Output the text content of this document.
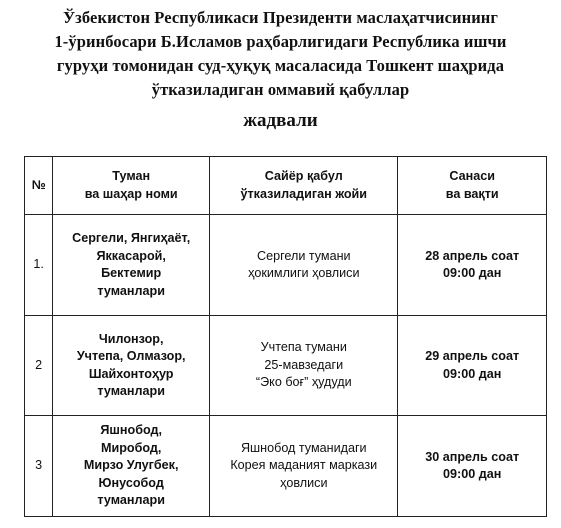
Ўзбекистон Республикаси Президенти маслаҳатчисининг
1-ўринбосари Б.Исламов раҳбарлигидаги Республика ишчи
гуруҳи томонидан суд-ҳуқуқ масаласида Тошкент шаҳрида
ўтказиладиган оммавий қабуллар
жадвали
№	Туман
ва шаҳар номи	Сайёр қабул
ўтказиладиган жойи	Санаси
ва вақти

1.	Сергели, Янгиҳаёт,
Яккасарой,
Бектемир
туманлари	Сергели тумани
ҳокимлиги ҳовлиси	28 апрель соат
09:00 дан

2	Чилонзор,
Учтепа, Олмазор,
Шайхонтоҳур
туманлари	Учтепа тумани
25-мавзедаги
“Эко боғ” ҳудуди	29 апрель соат
09:00 дан

3	Яшнобод,
Миробод,
Мирзо Улугбек,
Юнусобод
туманлари	Яшнобод туманидаги
Корея маданият маркази
ҳовлиси	30 апрель соат
09:00 дан
